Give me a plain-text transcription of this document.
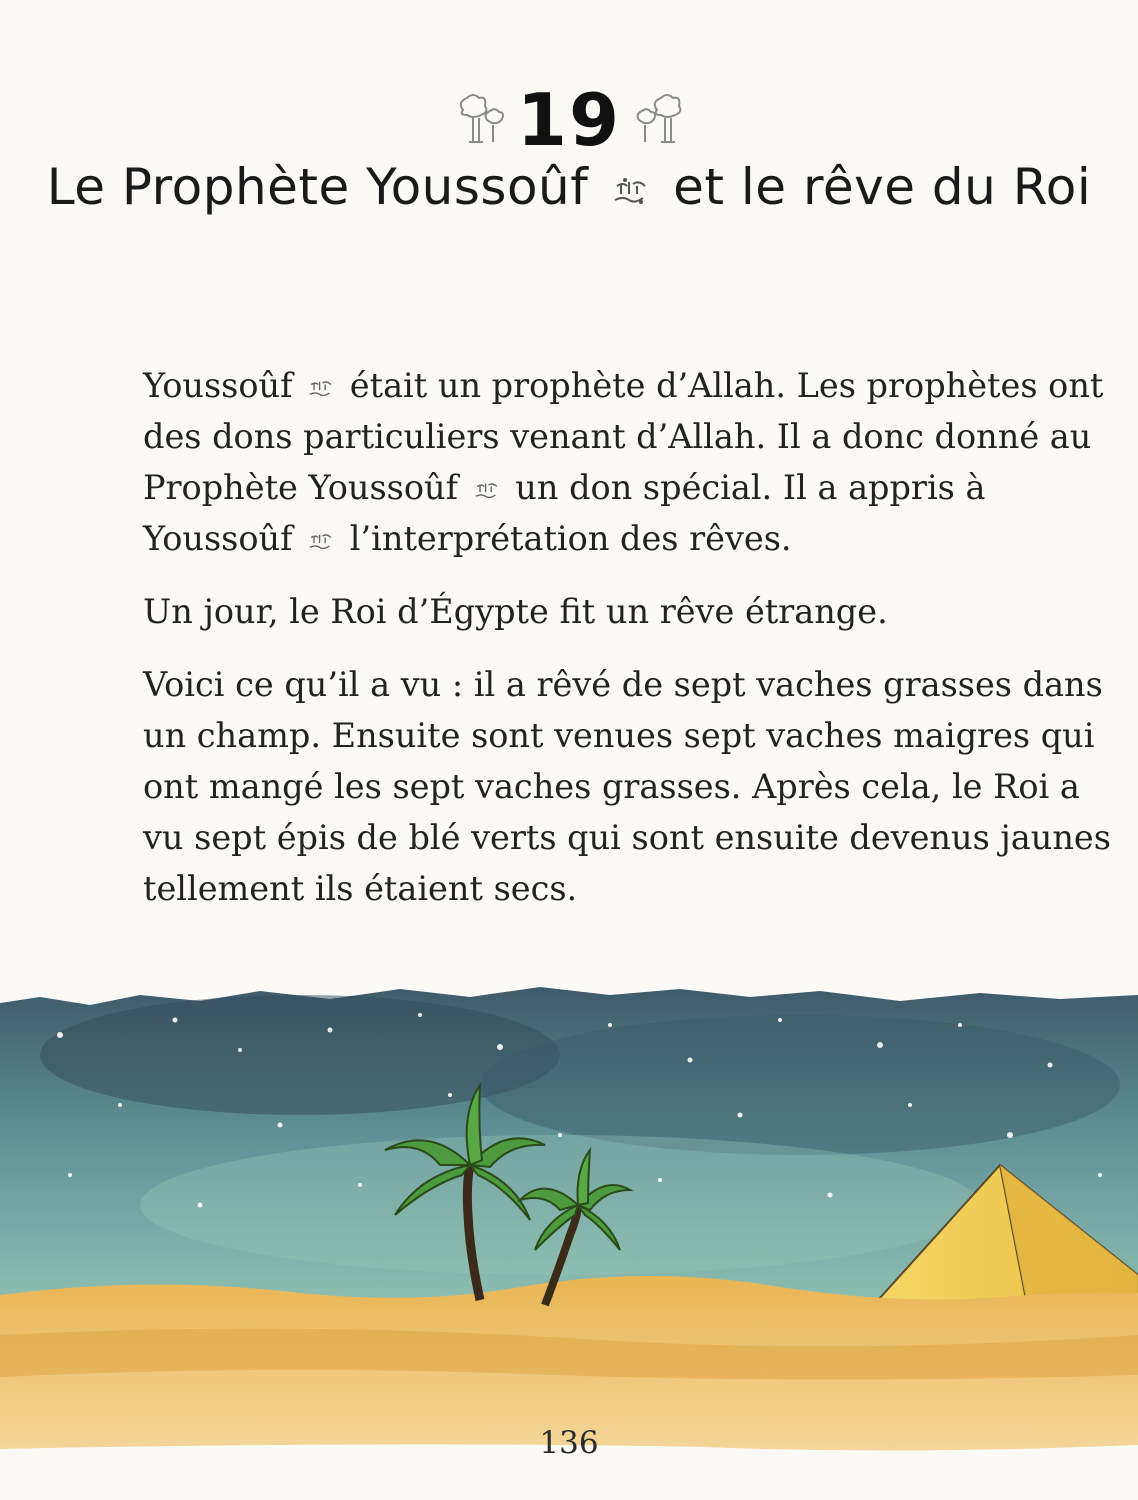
19
Le Prophète Youssoûf et le rêve du Roi

Youssoûf était un prophète d’Allah. Les prophètes ont des dons particuliers venant d’Allah. Il a donc donné au Prophète Youssoûf un don spécial. Il a appris à Youssoûf l’interprétation des rêves.

Un jour, le Roi d’Égypte fit un rêve étrange.

Voici ce qu’il a vu : il a rêvé de sept vaches grasses dans un champ. Ensuite sont venues sept vaches maigres qui ont mangé les sept vaches grasses. Après cela, le Roi a vu sept épis de blé verts qui sont ensuite devenus jaunes tellement ils étaient secs.

136
